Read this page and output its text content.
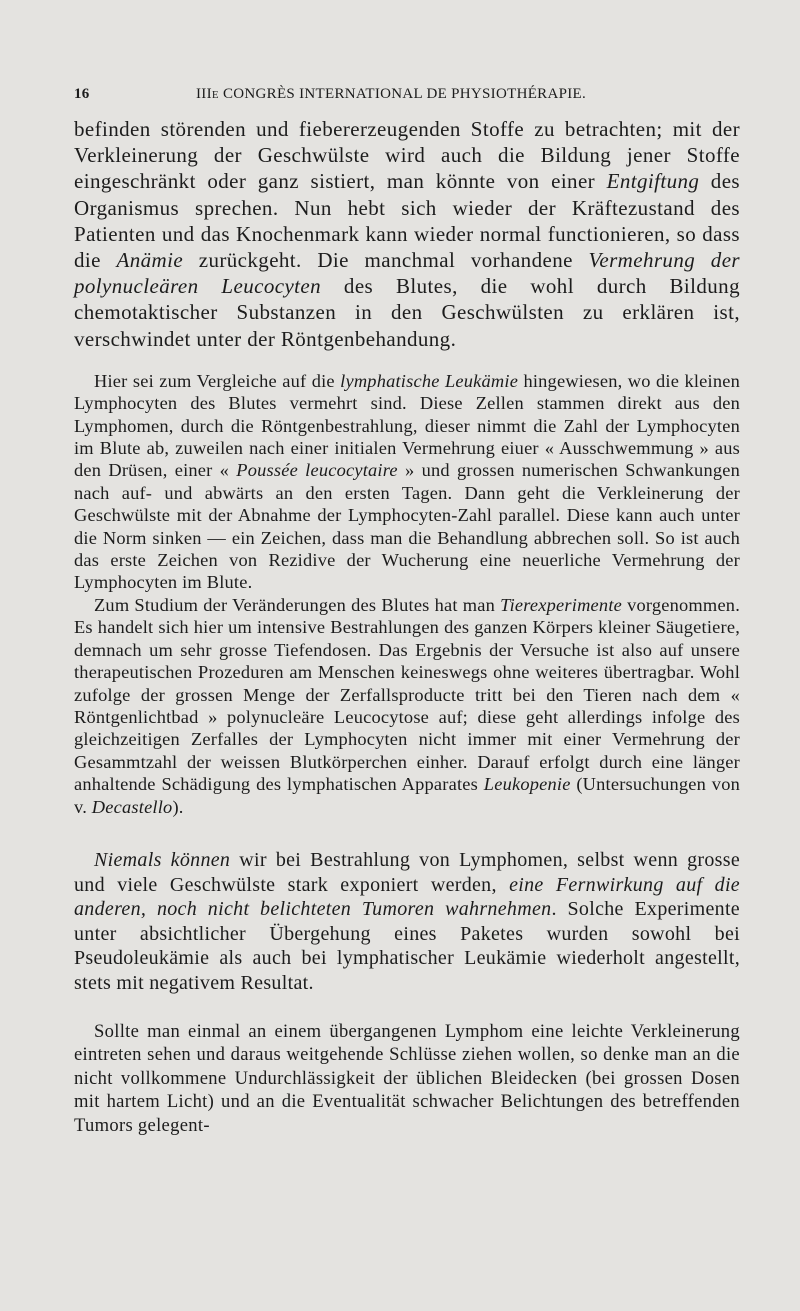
16	IIIe CONGRÈS INTERNATIONAL DE PHYSIOTHÉRAPIE.

befinden störenden und fiebererzeugenden Stoffe zu betrachten; mit der Verkleinerung der Geschwülste wird auch die Bildung jener Stoffe eingeschränkt oder ganz sistiert, man könnte von einer Entgiftung des Organismus sprechen. Nun hebt sich wieder der Kräftezustand des Patienten und das Knochenmark kann wieder normal functionieren, so dass die Anämie zurückgeht. Die manchmal vorhandene Vermehrung der polynucleären Leucocyten des Blutes, die wohl durch Bildung chemotaktischer Substanzen in den Geschwülsten zu erklären ist, verschwindet unter der Röntgenbehandung.

Hier sei zum Vergleiche auf die lymphatische Leukämie hingewiesen, wo die kleinen Lymphocyten des Blutes vermehrt sind. Diese Zellen stammen direkt aus den Lymphomen, durch die Röntgenbestrahlung, dieser nimmt die Zahl der Lymphocyten im Blute ab, zuweilen nach einer initialen Vermehrung eiuer « Ausschwemmung » aus den Drüsen, einer « Poussée leucocytaire » und grossen numerischen Schwankungen nach auf- und abwärts an den ersten Tagen. Dann geht die Verkleinerung der Geschwülste mit der Abnahme der Lymphocyten-Zahl parallel. Diese kann auch unter die Norm sinken — ein Zeichen, dass man die Behandlung abbrechen soll. So ist auch das erste Zeichen von Rezidive der Wucherung eine neuerliche Vermehrung der Lymphocyten im Blute.

Zum Studium der Veränderungen des Blutes hat man Tierexperimente vorgenommen. Es handelt sich hier um intensive Bestrahlungen des ganzen Körpers kleiner Säugetiere, demnach um sehr grosse Tiefendosen. Das Ergebnis der Versuche ist also auf unsere therapeutischen Prozeduren am Menschen keineswegs ohne weiteres übertragbar. Wohl zufolge der grossen Menge der Zerfallsproducte tritt bei den Tieren nach dem « Röntgenlichtbad » polynucleäre Leucocytose auf; diese geht allerdings infolge des gleichzeitigen Zerfalles der Lymphocyten nicht immer mit einer Vermehrung der Gesammtzahl der weissen Blutkörperchen einher. Darauf erfolgt durch eine länger anhaltende Schädigung des lymphatischen Apparates Leukopenie (Untersuchungen von v. Decastello).

Niemals können wir bei Bestrahlung von Lymphomen, selbst wenn grosse und viele Geschwülste stark exponiert werden, eine Fernwirkung auf die anderen, noch nicht belichteten Tumoren wahrnehmen. Solche Experimente unter absichtlicher Übergehung eines Paketes wurden sowohl bei Pseudoleukämie als auch bei lymphatischer Leukämie wiederholt angestellt, stets mit negativem Resultat.

Sollte man einmal an einem übergangenen Lymphom eine leichte Verkleinerung eintreten sehen und daraus weitgehende Schlüsse ziehen wollen, so denke man an die nicht vollkommene Undurchlässigkeit der üblichen Bleidecken (bei grossen Dosen mit hartem Licht) und an die Eventualität schwacher Belichtungen des betreffenden Tumors gelegent-
